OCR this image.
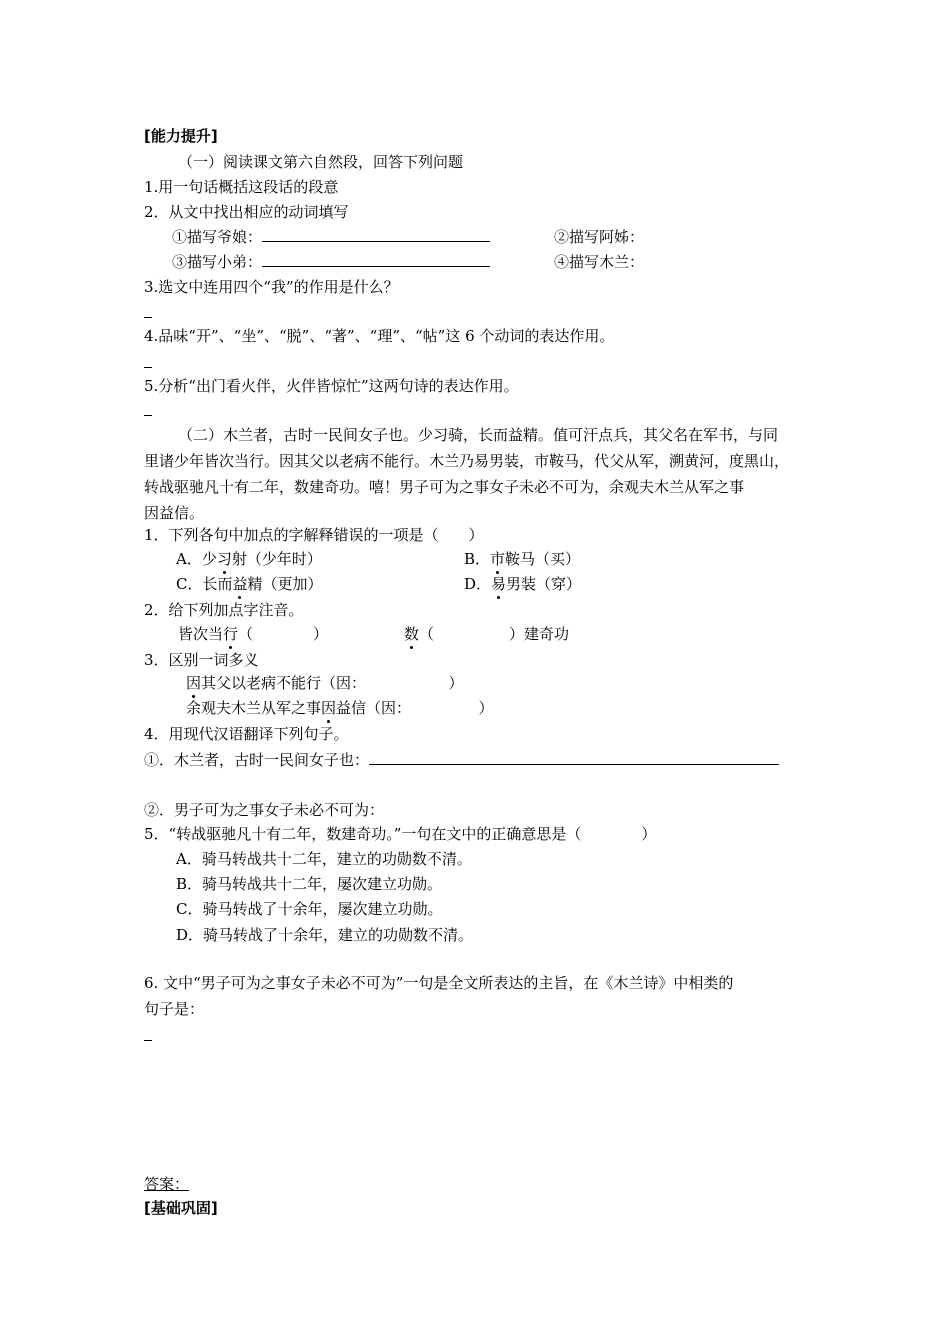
[能力提升]
（一）阅读课文第六自然段，回答下列问题
1.用一句话概括这段话的段意
2．从文中找出相应的动词填写
①描写爷娘：	②描写阿姊：
③描写小弟：	④描写木兰：
3.选文中连用四个“我”的作用是什么？
4.品味“开”、“坐”、“脱”、“著”、“理”、“帖”这 6 个动词的表达作用。
5.分析“出门看火伴，火伴皆惊忙”这两句诗的表达作用。
（二）木兰者，古时一民间女子也。少习骑，长而益精。值可汗点兵，其父名在军书，与同
里诸少年皆次当行。因其父以老病不能行。木兰乃易男装，市鞍马，代父从军，溯黄河，度黑山，
转战驱驰凡十有二年，数建奇功。嘻！男子可为之事女子未必不可为，余观夫木兰从军之事
因益信。
1．下列各句中加点的字解释错误的一项是（　　）
A．少习射（少年时）	B．市鞍马（买）
C．长而益精（更加）	D．易男装（穿）
2．给下列加点字注音。
皆次当行（　　　　）	数（　　　　　）建奇功
3．区别一词多义
因其父以老病不能行（因：　　　　　　）
余观夫木兰从军之事因益信（因：　　　　　）
4．用现代汉语翻译下列句子。
①．木兰者，古时一民间女子也：
②．男子可为之事女子未必不可为：
5．“转战驱驰凡十有二年，数建奇功。”一句在文中的正确意思是（　　　　）
A．骑马转战共十二年，建立的功勋数不清。
B．骑马转战共十二年，屡次建立功勋。
C．骑马转战了十余年，屡次建立功勋。
D．骑马转战了十余年，建立的功勋数不清。
6. 文中“男子可为之事女子未必不可为”一句是全文所表达的主旨，在《木兰诗》中相类的
句子是：
答案：
[基础巩固]
